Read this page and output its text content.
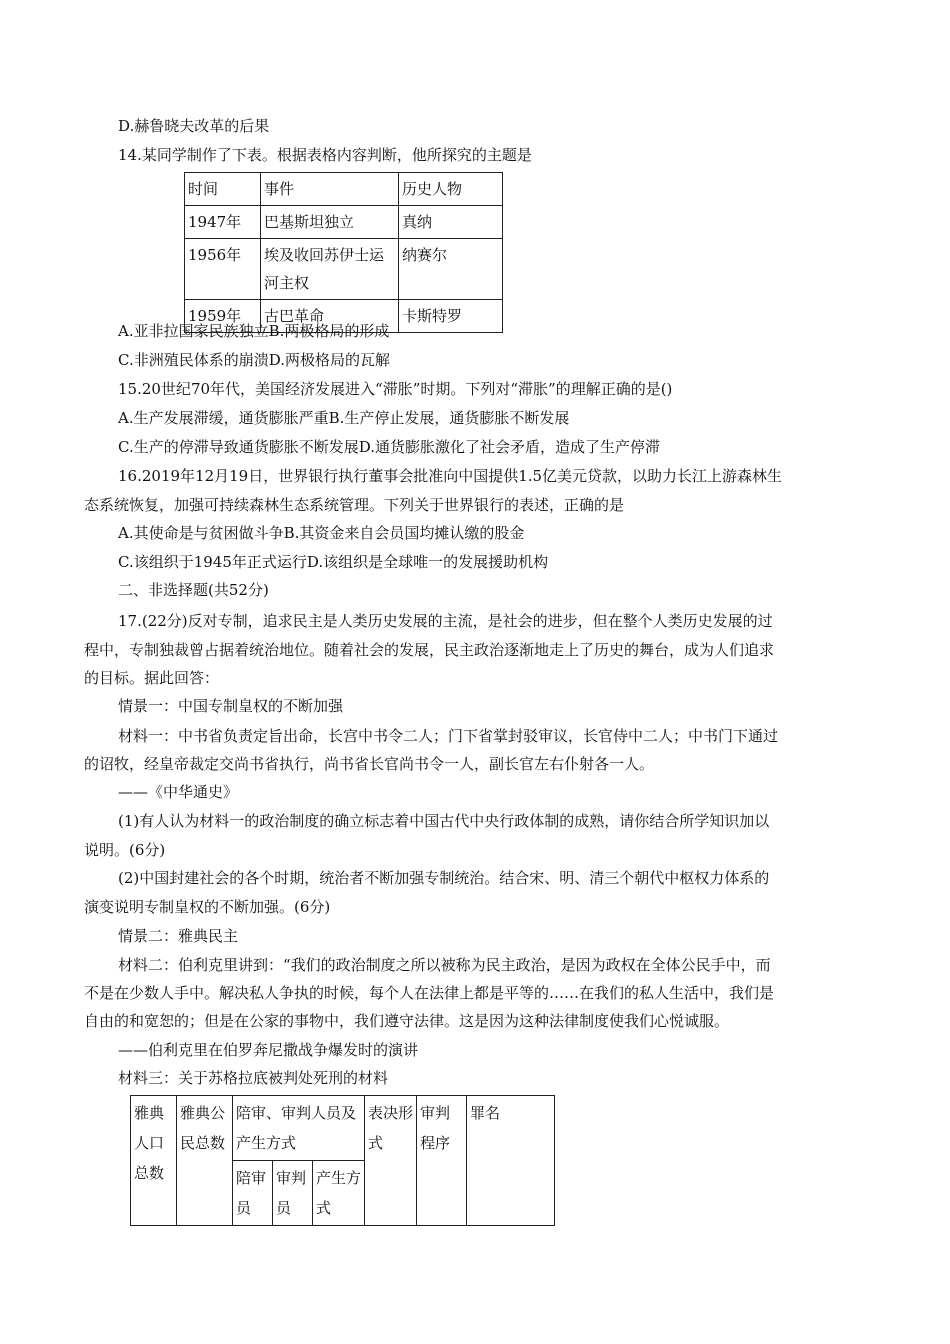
D.赫鲁晓夫改革的后果
14.某同学制作了下表。根据表格内容判断，他所探究的主题是
时间	事件	历史人物
1947年	巴基斯坦独立	真纳
1956年	埃及收回苏伊士运河主权	纳赛尔
1959年	古巴革命	卡斯特罗
A.亚非拉国家民族独立B.两极格局的形成
C.非洲殖民体系的崩溃D.两极格局的瓦解
15.20世纪70年代，美国经济发展进入“滞胀”时期。下列对“滞胀”的理解正确的是()
A.生产发展滞缓，通货膨胀严重B.生产停止发展，通货膨胀不断发展
C.生产的停滞导致通货膨胀不断发展D.通货膨胀激化了社会矛盾，造成了生产停滞
16.2019年12月19日，世界银行执行董事会批准向中国提供1.5亿美元贷款，以助力长江上游森林生
态系统恢复，加强可持续森林生态系统管理。下列关于世界银行的表述，正确的是
A.其使命是与贫困做斗争B.其资金来自会员国均摊认缴的股金
C.该组织于1945年正式运行D.该组织是全球唯一的发展援助机构
二、非选择题(共52分)
17.(22分)反对专制，追求民主是人类历史发展的主流，是社会的进步，但在整个人类历史发展的过
程中，专制独裁曾占据着统治地位。随着社会的发展，民主政治逐渐地走上了历史的舞台，成为人们追求
的目标。据此回答：
情景一：中国专制皇权的不断加强
材料一：中书省负责定旨出命，长宫中书令二人；门下省掌封驳审议，长官侍中二人；中书门下通过
的诏牧，经皇帝裁定交尚书省执行，尚书省长官尚书令一人，副长官左右仆射各一人。
——《中华通史》
(1)有人认为材料一的政治制度的确立标志着中国古代中央行政体制的成熟，请你结合所学知识加以
说明。(6分)
(2)中国封建社会的各个时期，统治者不断加强专制统治。结合宋、明、清三个朝代中枢权力体系的
演变说明专制皇权的不断加强。(6分)
情景二：雅典民主
材料二：伯利克里讲到：“我们的政治制度之所以被称为民主政治，是因为政权在全体公民手中，而
不是在少数人手中。解决私人争执的时候，每个人在法律上都是平等的……在我们的私人生活中，我们是
自由的和宽恕的；但是在公家的事物中，我们遵守法律。这是因为这种法律制度使我们心悦诚服。
——伯利克里在伯罗奔尼撒战争爆发时的演讲
材料三：关于苏格拉底被判处死刑的材料
雅典人口总数	雅典公民总数	陪审、审判人员及产生方式			表决形式	审判程序	罪名
		陪审员	审判员	产生方式			
